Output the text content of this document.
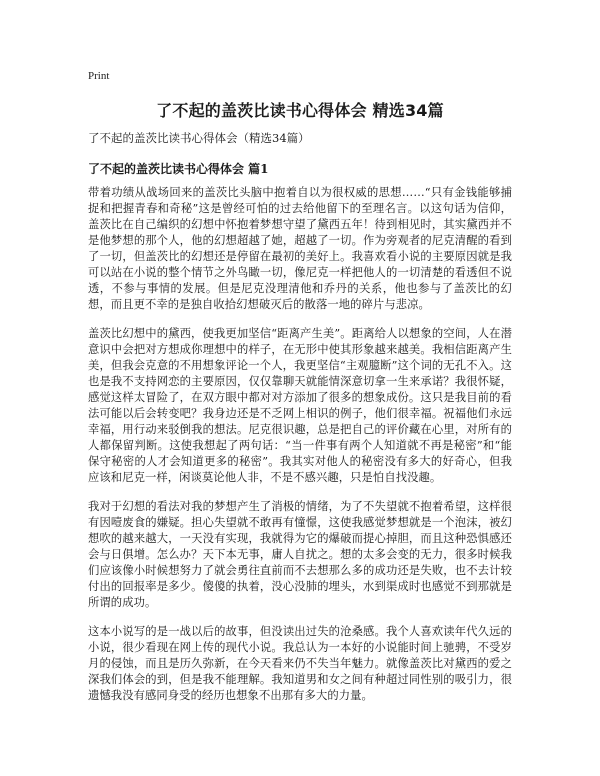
Print
了不起的盖茨比读书心得体会 精选34篇
了不起的盖茨比读书心得体会（精选34篇）
了不起的盖茨比读书心得体会 篇1

带着功绩从战场回来的盖茨比头脑中抱着自以为很权威的思想……“只有金钱能够捕捉和把握青春和奇秘”这是曾经可怕的过去给他留下的至理名言。以这句话为信仰，盖茨比在自己编织的幻想中怀抱着梦想守望了黛西五年！待到相见时，其实黛西并不是他梦想的那个人，他的幻想超越了她，超越了一切。作为旁观者的尼克清醒的看到了一切，但盖茨比的幻想还是停留在最初的美好上。我喜欢看小说的主要原因就是我可以站在小说的整个情节之外鸟瞰一切，像尼克一样把他人的一切清楚的看透但不说透，不参与事情的发展。但是尼克没理清他和乔丹的关系，他也参与了盖茨比的幻想，而且更不幸的是独自收拾幻想破灭后的散落一地的碎片与悲凉。

盖茨比幻想中的黛西，使我更加坚信“距离产生美”。距离给人以想象的空间，人在潜意识中会把对方想成你理想中的样子，在无形中使其形象越来越美。我相信距离产生美，但我会克意的不用想象评论一个人，我更坚信“主观臆断”这个词的无孔不入。这也是我不支持网恋的主要原因，仅仅靠聊天就能情深意切拿一生来承诺？我很怀疑，感觉这样太冒险了，在双方眼中都对对方添加了很多的想象成份。这只是我目前的看法可能以后会转变吧？我身边还是不乏网上相识的例子，他们很幸福。祝福他们永远幸福，用行动来驳倒我的想法。尼克很识趣，总是把自己的评价藏在心里，对所有的人都保留判断。这使我想起了两句话：“当一件事有两个人知道就不再是秘密”和“能保守秘密的人才会知道更多的秘密”。我其实对他人的秘密没有多大的好奇心，但我应该和尼克一样，闲谈莫论他人非，不是不感兴趣，只是怕自找没趣。

我对于幻想的看法对我的梦想产生了消极的情绪，为了不失望就不抱着希望，这样很有因噎废食的嫌疑。担心失望就不敢再有憧憬，这使我感觉梦想就是一个泡沫，被幻想吹的越来越大，一天没有实现，我就得为它的爆破而提心掉胆，而且这种恐惧感还会与日俱增。怎么办？天下本无事，庸人自扰之。想的太多会变的无力，很多时候我们应该像小时候想努力了就会勇往直前而不去想那么多的成功还是失败，也不去计较付出的回报率是多少。傻傻的执着，没心没肺的埋头，水到渠成时也感觉不到那就是所谓的成功。

这本小说写的是一战以后的故事，但没读出过失的沧桑感。我个人喜欢读年代久远的小说，很少看现在网上传的现代小说。我总认为一本好的小说能时间上驰骋，不受岁月的侵蚀，而且是历久弥新，在今天看来仍不失当年魅力。就像盖茨比对黛西的爱之深我们体会的到，但是我不能理解。我知道男和女之间有种超过同性别的吸引力，很遗憾我没有感同身受的经历也想象不出那有多大的力量。
